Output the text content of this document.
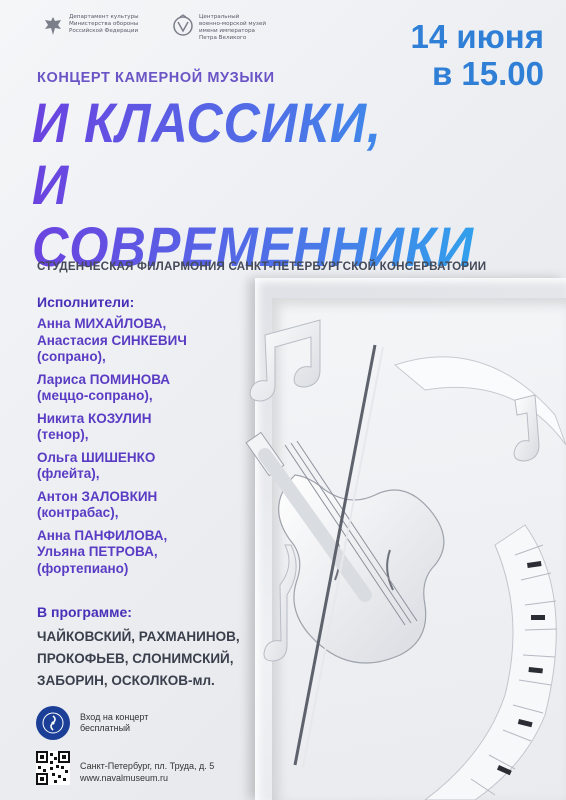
Департамент культуры
Министерства обороны
Российской Федерации
Центральный
военно-морской музей
имени императора
Петра Великого	14 июня
в 15.00
КОНЦЕРТ КАМЕРНОЙ МУЗЫКИ
И КЛАССИКИ,
И СОВРЕМЕННИКИ
СТУДЕНЧЕСКАЯ ФИЛАРМОНИЯ САНКТ-ПЕТЕРБУРГСКОЙ КОНСЕРВАТОРИИ
Исполнители:
Анна МИХАЙЛОВА,
Анастасия СИНКЕВИЧ
(сопрано),
Лариса ПОМИНОВА
(меццо-сопрано),
Никита КОЗУЛИН
(тенор),
Ольга ШИШЕНКО
(флейта),
Антон ЗАЛОВКИН
(контрабас),
Анна ПАНФИЛОВА,
Ульяна ПЕТРОВА,
(фортепиано)
В программе:
ЧАЙКОВСКИЙ, РАХМАНИНОВ,
ПРОКОФЬЕВ, СЛОНИМСКИЙ,
ЗАБОРИН, ОСКОЛКОВ-мл.
Вход на концерт
бесплатный
Санкт-Петербург, пл. Труда, д. 5
www.navalmuseum.ru
